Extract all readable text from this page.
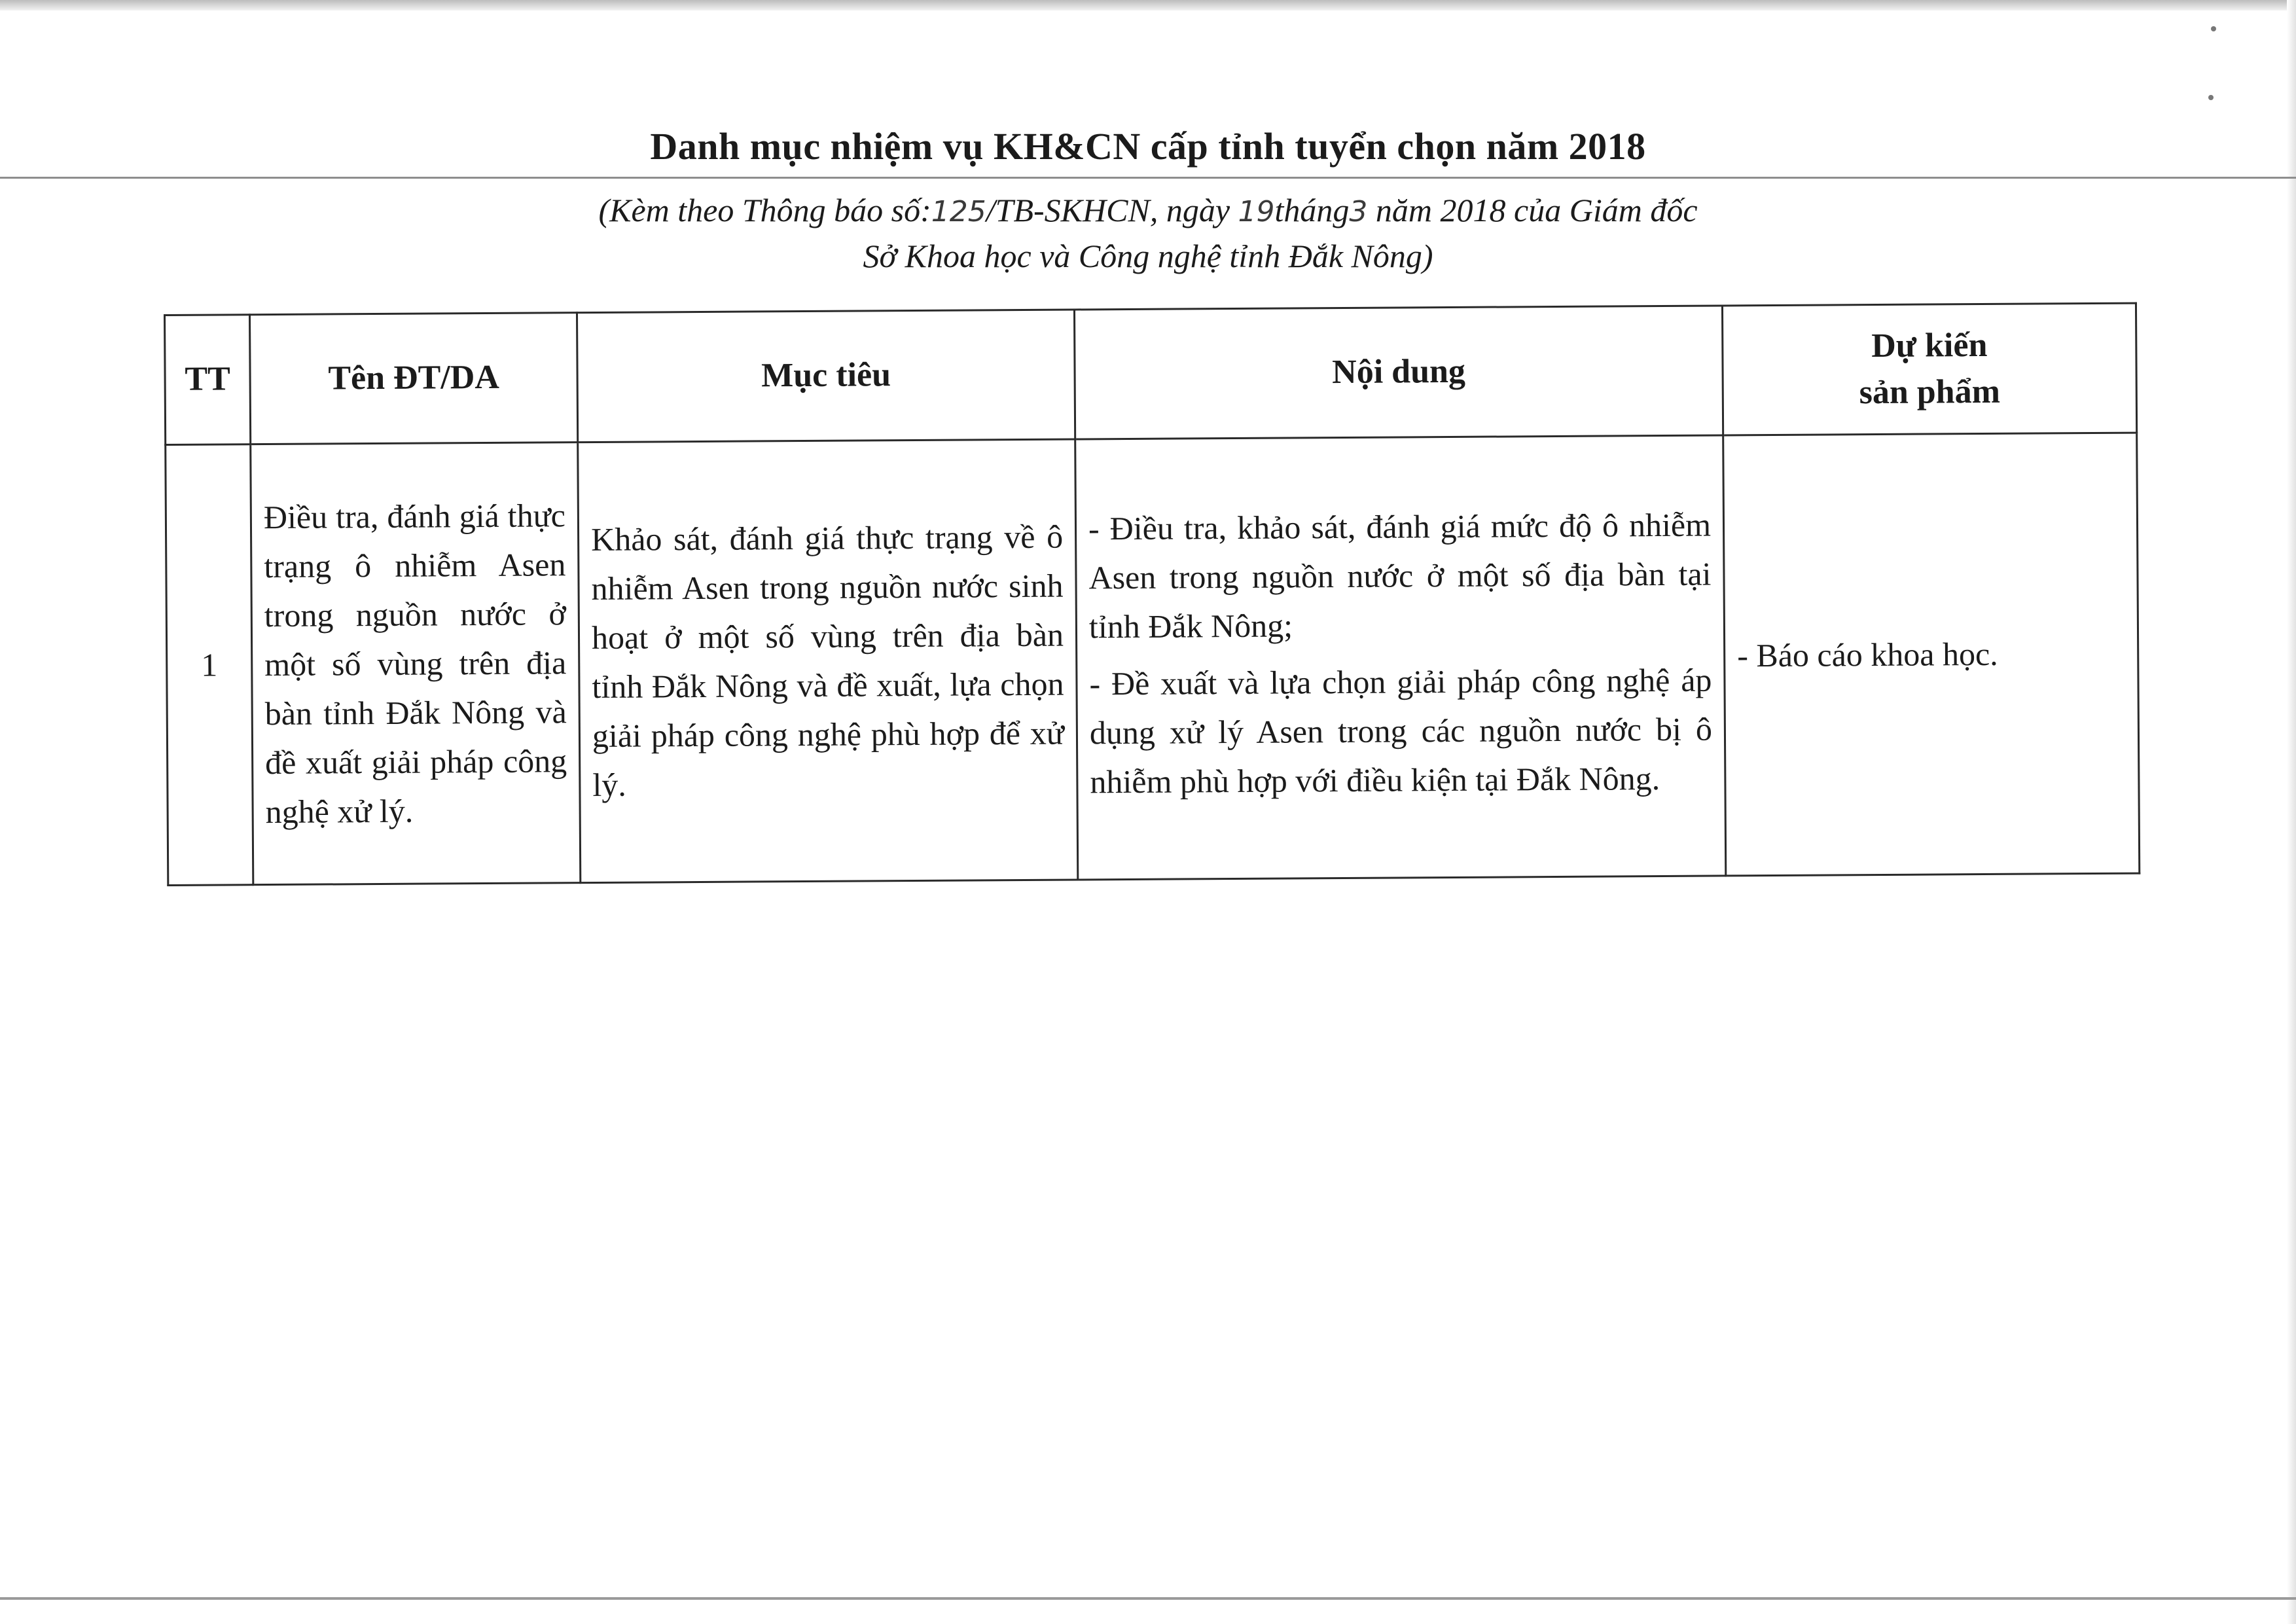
Danh mục nhiệm vụ KH&CN cấp tỉnh tuyển chọn năm 2018
(Kèm theo Thông báo số:125/TB-SKHCN, ngày 19tháng3 năm 2018 của Giám đốc
Sở Khoa học và Công nghệ tỉnh Đắk Nông)
TT	Tên ĐT/DA	Mục tiêu	Nội dung	Dự kiến
sản phẩm

1	Điều tra, đánh giá thực trạng ô nhiễm Asen trong nguồn nước ở một số vùng trên địa bàn tỉnh Đắk Nông và đề xuất giải pháp công nghệ xử lý.	Khảo sát, đánh giá thực trạng về ô nhiễm Asen trong nguồn nước sinh hoạt ở một số vùng trên địa bàn tỉnh Đắk Nông và đề xuất, lựa chọn giải pháp công nghệ phù hợp để xử lý.	- Điều tra, khảo sát, đánh giá mức độ ô nhiễm Asen trong nguồn nước ở một số địa bàn tại tỉnh Đắk Nông;

- Đề xuất và lựa chọn giải pháp công nghệ áp dụng xử lý Asen trong các nguồn nước bị ô nhiễm phù hợp với điều kiện tại Đắk Nông.	- Báo cáo khoa học.
